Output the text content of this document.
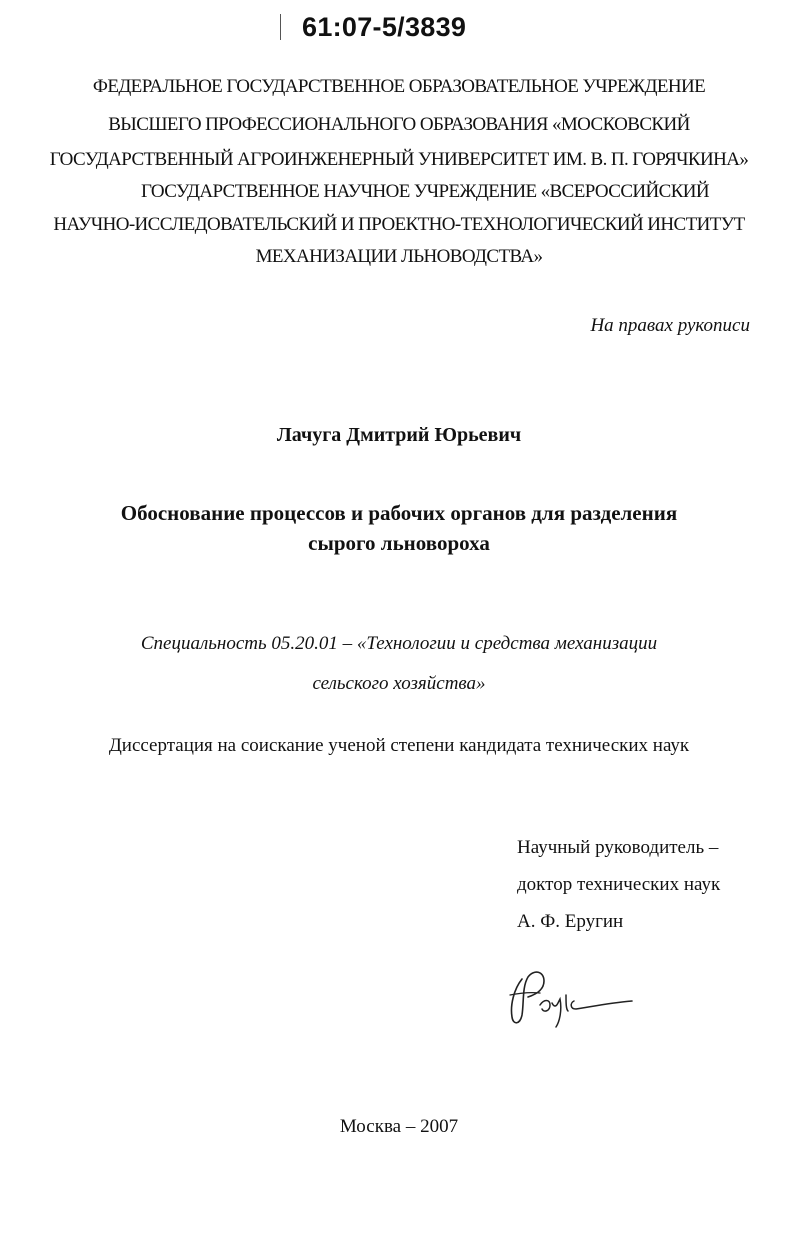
61:07-5/3839
ФЕДЕРАЛЬНОЕ ГОСУДАРСТВЕННОЕ ОБРАЗОВАТЕЛЬНОЕ УЧРЕЖДЕНИЕ
ВЫСШЕГО ПРОФЕССИОНАЛЬНОГО ОБРАЗОВАНИЯ «МОСКОВСКИЙ
ГОСУДАРСТВЕННЫЙ АГРОИНЖЕНЕРНЫЙ УНИВЕРСИТЕТ ИМ. В. П. ГОРЯЧКИНА»
ГОСУДАРСТВЕННОЕ НАУЧНОЕ УЧРЕЖДЕНИЕ «ВСЕРОССИЙСКИЙ
НАУЧНО-ИССЛЕДОВАТЕЛЬСКИЙ И ПРОЕКТНО-ТЕХНОЛОГИЧЕСКИЙ ИНСТИТУТ
МЕХАНИЗАЦИИ ЛЬНОВОДСТВА»
На правах рукописи
Лачуга Дмитрий Юрьевич
Обоснование процессов и рабочих органов для разделения
сырого льновороха
Специальность 05.20.01 – «Технологии и средства механизации
сельского хозяйства»
Диссертация на соискание ученой степени кандидата технических наук
Научный руководитель –
доктор технических наук
А. Ф. Еругин
Москва – 2007
